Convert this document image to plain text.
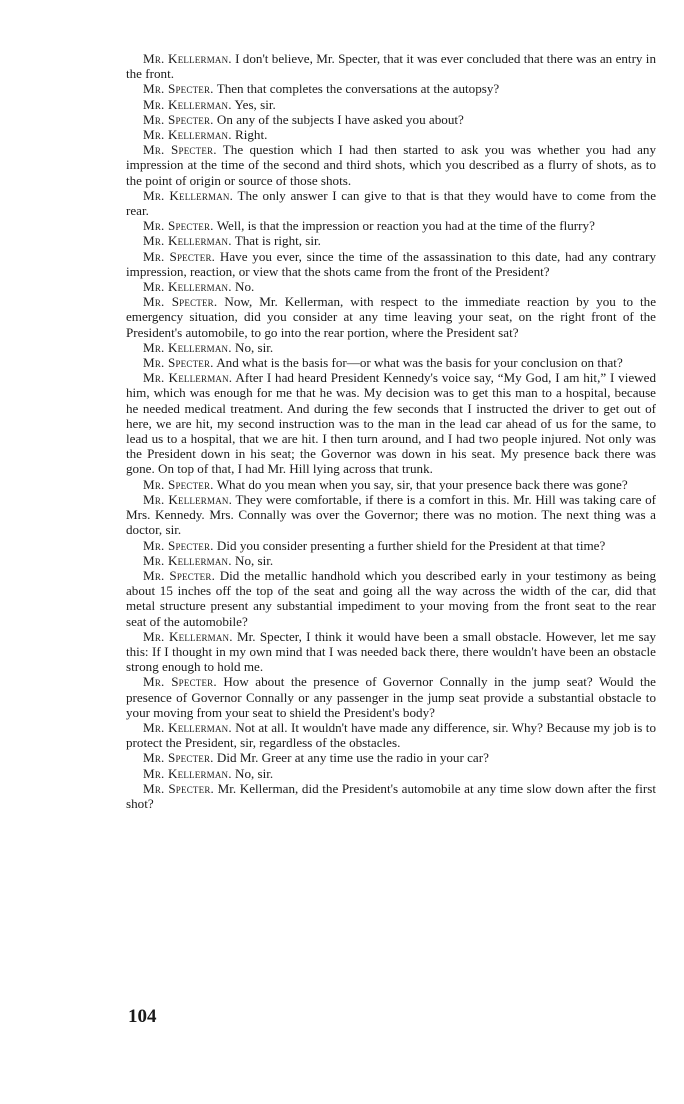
Mr. Kellerman. I don't believe, Mr. Specter, that it was ever concluded that there was an entry in the front.

Mr. Specter. Then that completes the conversations at the autopsy?

Mr. Kellerman. Yes, sir.

Mr. Specter. On any of the subjects I have asked you about?

Mr. Kellerman. Right.

Mr. Specter. The question which I had then started to ask you was whether you had any impression at the time of the second and third shots, which you described as a flurry of shots, as to the point of origin or source of those shots.

Mr. Kellerman. The only answer I can give to that is that they would have to come from the rear.

Mr. Specter. Well, is that the impression or reaction you had at the time of the flurry?

Mr. Kellerman. That is right, sir.

Mr. Specter. Have you ever, since the time of the assassination to this date, had any contrary impression, reaction, or view that the shots came from the front of the President?

Mr. Kellerman. No.

Mr. Specter. Now, Mr. Kellerman, with respect to the immediate reaction by you to the emergency situation, did you consider at any time leaving your seat, on the right front of the President's automobile, to go into the rear portion, where the President sat?

Mr. Kellerman. No, sir.

Mr. Specter. And what is the basis for—or what was the basis for your conclusion on that?

Mr. Kellerman. After I had heard President Kennedy's voice say, “My God, I am hit,” I viewed him, which was enough for me that he was. My decision was to get this man to a hospital, because he needed medical treatment. And during the few seconds that I instructed the driver to get out of here, we are hit, my second instruction was to the man in the lead car ahead of us for the same, to lead us to a hospital, that we are hit. I then turn around, and I had two people injured. Not only was the President down in his seat; the Governor was down in his seat. My presence back there was gone. On top of that, I had Mr. Hill lying across that trunk.

Mr. Specter. What do you mean when you say, sir, that your presence back there was gone?

Mr. Kellerman. They were comfortable, if there is a comfort in this. Mr. Hill was taking care of Mrs. Kennedy. Mrs. Connally was over the Governor; there was no motion. The next thing was a doctor, sir.

Mr. Specter. Did you consider presenting a further shield for the President at that time?

Mr. Kellerman. No, sir.

Mr. Specter. Did the metallic handhold which you described early in your testimony as being about 15 inches off the top of the seat and going all the way across the width of the car, did that metal structure present any substantial impediment to your moving from the front seat to the rear seat of the automobile?

Mr. Kellerman. Mr. Specter, I think it would have been a small obstacle. However, let me say this: If I thought in my own mind that I was needed back there, there wouldn't have been an obstacle strong enough to hold me.

Mr. Specter. How about the presence of Governor Connally in the jump seat? Would the presence of Governor Connally or any passenger in the jump seat provide a substantial obstacle to your moving from your seat to shield the President's body?

Mr. Kellerman. Not at all. It wouldn't have made any difference, sir. Why? Because my job is to protect the President, sir, regardless of the obstacles.

Mr. Specter. Did Mr. Greer at any time use the radio in your car?

Mr. Kellerman. No, sir.

Mr. Specter. Mr. Kellerman, did the President's automobile at any time slow down after the first shot?

104
